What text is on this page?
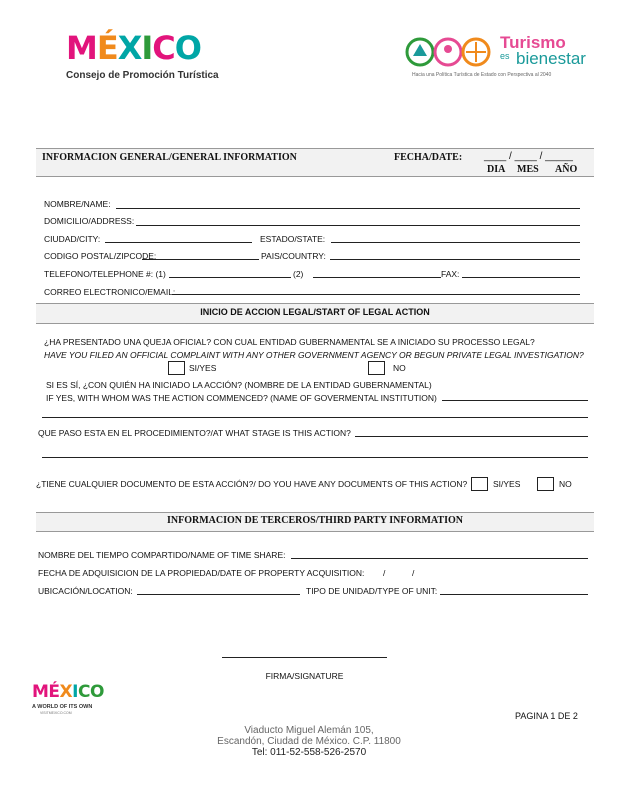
MÉXICO
Consejo de Promoción Turística
Turismo
es bienestar
Hacia una Política Turística de Estado con Perspectiva al 2040
INFORMACION GENERAL/GENERAL INFORMATION	FECHA/DATE: ____ / ____ / _____
DIA MES AÑO
NOMBRE/NAME:
DOMICILIO/ADDRESS:
CIUDAD/CITY:	ESTADO/STATE:
CODIGO POSTAL/ZIPCODE:	PAIS/COUNTRY:
TELEFONO/TELEPHONE #: (1)	(2)	FAX:
CORREO ELECTRONICO/EMAIL:
INICIO DE ACCION LEGAL/START OF LEGAL ACTION
¿HA PRESENTADO UNA QUEJA OFICIAL? CON CUAL ENTIDAD GUBERNAMENTAL SE A INICIADO SU PROCESSO LEGAL?
HAVE YOU FILED AN OFFICIAL COMPLAINT WITH ANY OTHER GOVERNMENT AGENCY OR BEGUN PRIVATE LEGAL INVESTIGATION?
SI/YES	NO
SI ES SÍ, ¿CON QUIÉN HA INICIADO LA ACCIÓN? (NOMBRE DE LA ENTIDAD GUBERNAMENTAL)
IF YES, WITH WHOM WAS THE ACTION COMMENCED? (NAME OF GOVERMENTAL INSTITUTION)
QUE PASO ESTA EN EL PROCEDIMIENTO?/AT WHAT STAGE IS THIS ACTION?
¿TIENE CUALQUIER DOCUMENTO DE ESTA ACCIÓN?/ DO YOU HAVE ANY DOCUMENTS OF THIS ACTION?	SI/YES	NO
INFORMACION DE TERCEROS/THIRD PARTY INFORMATION
NOMBRE DEL TIEMPO COMPARTIDO/NAME OF TIME SHARE:
FECHA DE ADQUISICION DE LA PROPIEDAD/DATE OF PROPERTY ACQUISITION: /	/
UBICACIÓN/LOCATION:	TIPO DE UNIDAD/TYPE OF UNIT:
FIRMA/SIGNATURE
MÉXICO
A WORLD OF ITS OWN
VISITMEXICO.COM	PAGINA 1 DE 2
Viaducto Miguel Alemán 105,
Escandón, Ciudad de México. C.P. 11800
Tel: 011-52-558-526-2570
